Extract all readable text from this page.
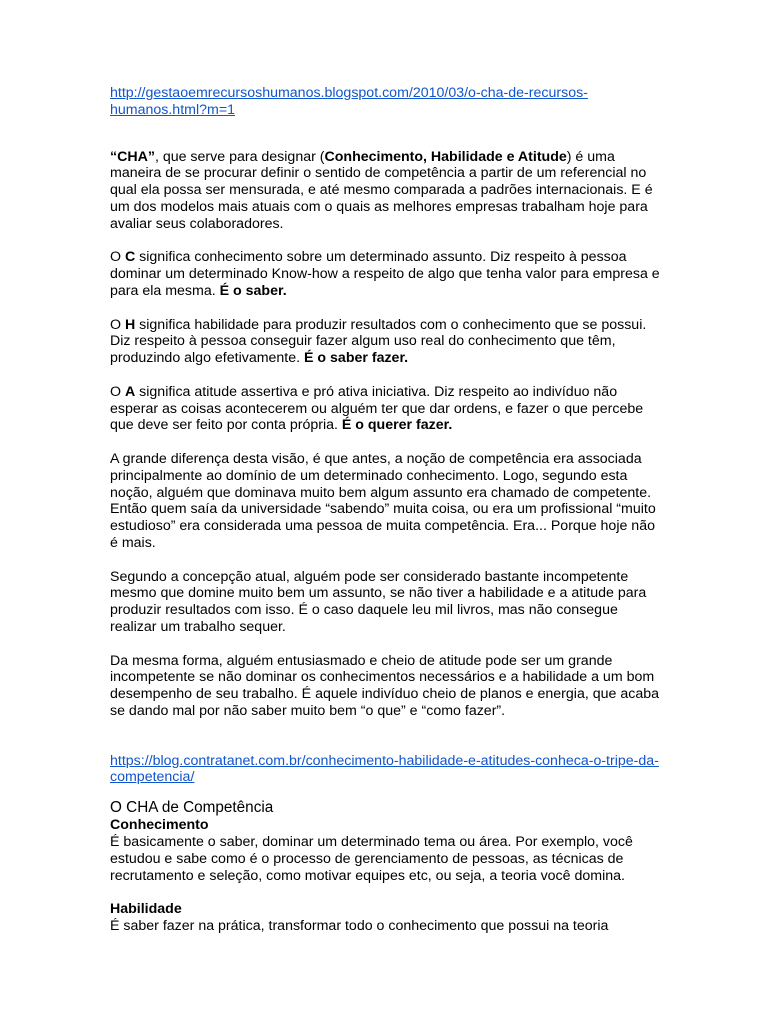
http://gestaoemrecursoshumanos.blogspot.com/2010/03/o-cha-de-recursos-humanos.html?m=1

“CHA”, que serve para designar (Conhecimento, Habilidade e Atitude) é uma maneira de se procurar definir o sentido de competência a partir de um referencial no qual ela possa ser mensurada, e até mesmo comparada a padrões internacionais. E é um dos modelos mais atuais com o quais as melhores empresas trabalham hoje para avaliar seus colaboradores.

O C significa conhecimento sobre um determinado assunto. Diz respeito à pessoa dominar um determinado Know-how a respeito de algo que tenha valor para empresa e para ela mesma. É o saber.

O H significa habilidade para produzir resultados com o conhecimento que se possui. Diz respeito à pessoa conseguir fazer algum uso real do conhecimento que têm, produzindo algo efetivamente. É o saber fazer.

O A significa atitude assertiva e pró ativa iniciativa. Diz respeito ao indivíduo não esperar as coisas acontecerem ou alguém ter que dar ordens, e fazer o que percebe que deve ser feito por conta própria. É o querer fazer.

A grande diferença desta visão, é que antes, a noção de competência era associada principalmente ao domínio de um determinado conhecimento. Logo, segundo esta noção, alguém que dominava muito bem algum assunto era chamado de competente. Então quem saía da universidade “sabendo” muita coisa, ou era um profissional “muito estudioso” era considerada uma pessoa de muita competência. Era... Porque hoje não é mais.

Segundo a concepção atual, alguém pode ser considerado bastante incompetente mesmo que domine muito bem um assunto, se não tiver a habilidade e a atitude para produzir resultados com isso. É o caso daquele leu mil livros, mas não consegue realizar um trabalho sequer.

Da mesma forma, alguém entusiasmado e cheio de atitude pode ser um grande incompetente se não dominar os conhecimentos necessários e a habilidade a um bom desempenho de seu trabalho. É aquele indivíduo cheio de planos e energia, que acaba se dando mal por não saber muito bem “o que” e “como fazer”.

https://blog.contratanet.com.br/conhecimento-habilidade-e-atitudes-conheca-o-tripe-da-competencia/

O CHA de Competência

Conhecimento

É basicamente o saber, dominar um determinado tema ou área. Por exemplo, você estudou e sabe como é o processo de gerenciamento de pessoas, as técnicas de recrutamento e seleção, como motivar equipes etc, ou seja, a teoria você domina.

Habilidade

É saber fazer na prática, transformar todo o conhecimento que possui na teoria
